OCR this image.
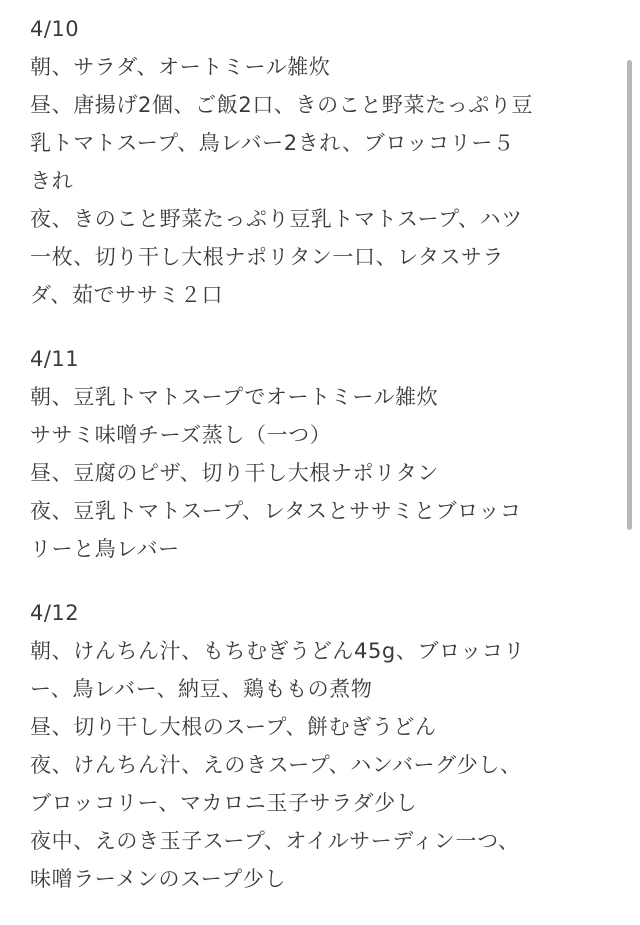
4/10
朝、サラダ、オートミール雑炊
昼、唐揚げ2個、ご飯2口、きのこと野菜たっぷり豆
乳トマトスープ、鳥レバー2きれ、ブロッコリー５
きれ
夜、きのこと野菜たっぷり豆乳トマトスープ、ハツ
一枚、切り干し大根ナポリタン一口、レタスサラ
ダ、茹でササミ２口
4/11
朝、豆乳トマトスープでオートミール雑炊
ササミ味噌チーズ蒸し（一つ）
昼、豆腐のピザ、切り干し大根ナポリタン
夜、豆乳トマトスープ、レタスとササミとブロッコ
リーと鳥レバー
4/12
朝、けんちん汁、もちむぎうどん45g、ブロッコリ
ー、鳥レバー、納豆、鶏ももの煮物
昼、切り干し大根のスープ、餅むぎうどん
夜、けんちん汁、えのきスープ、ハンバーグ少し、
ブロッコリー、マカロニ玉子サラダ少し
夜中、えのき玉子スープ、オイルサーディン一つ、
味噌ラーメンのスープ少し
